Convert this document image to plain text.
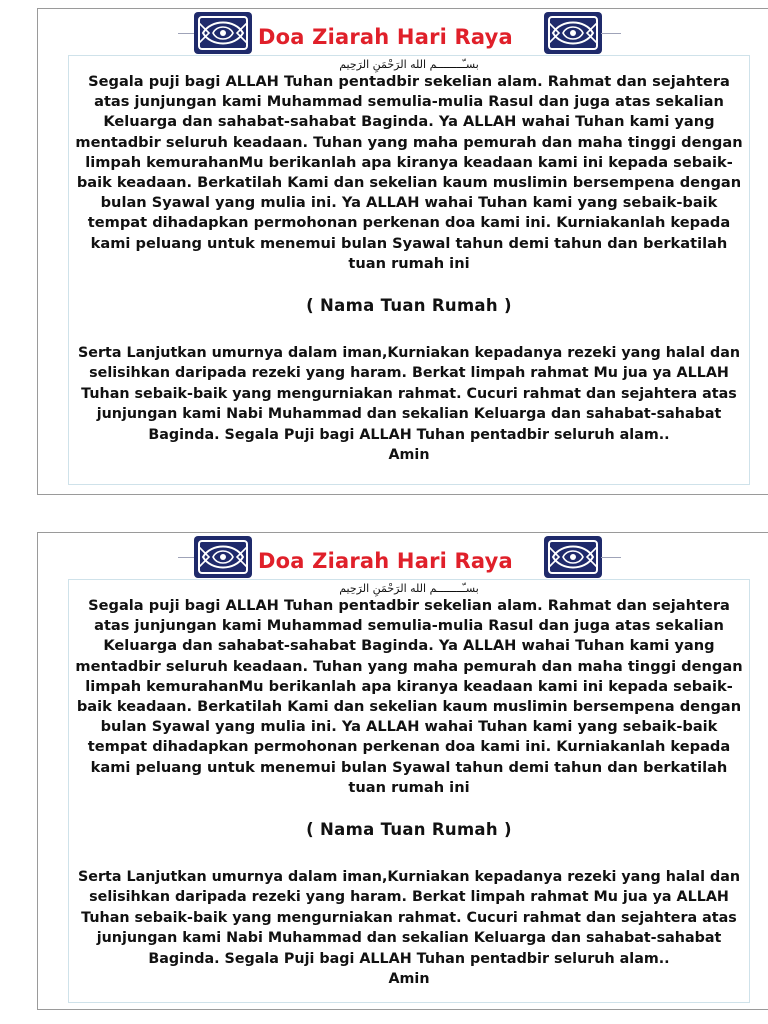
Doa Ziarah Hari Raya
بسـّــــــــم الله الرَحْمَنِ الرَحِيم
Segala puji bagi ALLAH Tuhan pentadbir sekelian alam. Rahmat dan sejahtera atas junjungan kami Muhammad semulia-mulia Rasul dan juga atas sekalian Keluarga dan sahabat-sahabat Baginda. Ya ALLAH wahai Tuhan kami yang mentadbir seluruh keadaan. Tuhan yang maha pemurah dan maha tinggi dengan limpah kemurahanMu berikanlah apa kiranya keadaan kami ini kepada sebaik-baik keadaan. Berkatilah Kami dan sekelian kaum muslimin bersempena dengan bulan Syawal yang mulia ini. Ya ALLAH wahai Tuhan kami yang sebaik-baik tempat dihadapkan permohonan perkenan doa kami ini. Kurniakanlah kepada kami peluang untuk menemui bulan Syawal tahun demi tahun dan berkatilah tuan rumah ini
( Nama Tuan Rumah )
Serta Lanjutkan umurnya dalam iman,Kurniakan kepadanya rezeki yang halal dan selisihkan daripada rezeki yang haram. Berkat limpah rahmat Mu jua ya ALLAH Tuhan sebaik-baik yang mengurniakan rahmat. Cucuri rahmat dan sejahtera atas junjungan kami Nabi Muhammad dan sekalian Keluarga dan sahabat-sahabat Baginda. Segala Puji bagi ALLAH Tuhan pentadbir seluruh alam..
Amin
Doa Ziarah Hari Raya
بسـّــــــــم الله الرَحْمَنِ الرَحِيم
Segala puji bagi ALLAH Tuhan pentadbir sekelian alam. Rahmat dan sejahtera atas junjungan kami Muhammad semulia-mulia Rasul dan juga atas sekalian Keluarga dan sahabat-sahabat Baginda. Ya ALLAH wahai Tuhan kami yang mentadbir seluruh keadaan. Tuhan yang maha pemurah dan maha tinggi dengan limpah kemurahanMu berikanlah apa kiranya keadaan kami ini kepada sebaik-baik keadaan. Berkatilah Kami dan sekelian kaum muslimin bersempena dengan bulan Syawal yang mulia ini. Ya ALLAH wahai Tuhan kami yang sebaik-baik tempat dihadapkan permohonan perkenan doa kami ini. Kurniakanlah kepada kami peluang untuk menemui bulan Syawal tahun demi tahun dan berkatilah tuan rumah ini
( Nama Tuan Rumah )
Serta Lanjutkan umurnya dalam iman,Kurniakan kepadanya rezeki yang halal dan selisihkan daripada rezeki yang haram. Berkat limpah rahmat Mu jua ya ALLAH Tuhan sebaik-baik yang mengurniakan rahmat. Cucuri rahmat dan sejahtera atas junjungan kami Nabi Muhammad dan sekalian Keluarga dan sahabat-sahabat Baginda. Segala Puji bagi ALLAH Tuhan pentadbir seluruh alam..
Amin
